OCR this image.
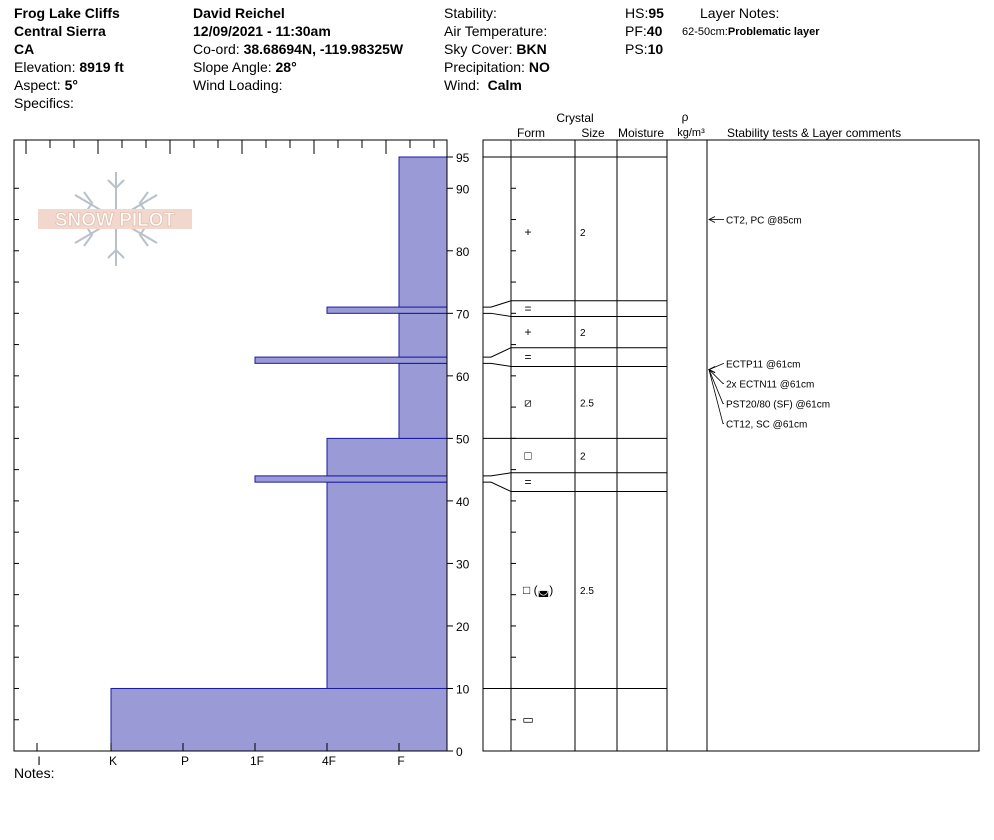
Frog Lake Cliffs
Central Sierra
CA
Elevation: 8919 ft
Aspect: 5°
Specifics:
David Reichel
12/09/2021 - 11:30am
Co-ord: 38.68694N, -119.98325W
Slope Angle: 28°
Wind Loading:
Stability:
Air Temperature:
Sky Cover: BKN
Precipitation: NO
Wind: Calm
HS:95
PF:40
PS:10
Layer Notes:
62-50cm:Problematic layer
SNOW PILOT
0
10
20
30
40
50
60
70
80
90
95
I	K	P	1F	4F	F
+	2
=
+	2
=
⧄	2.5
□	2
=
□ (◛)	2.5
▭
CT2, PC @85cm
ECTP11 @61cm
2x ECTN11 @61cm
PST20/80 (SF) @61cm
CT12, SC @61cm
Crystal
Form	Size Moisture
ρ
kg/m³ Stability tests & Layer comments
Notes:
